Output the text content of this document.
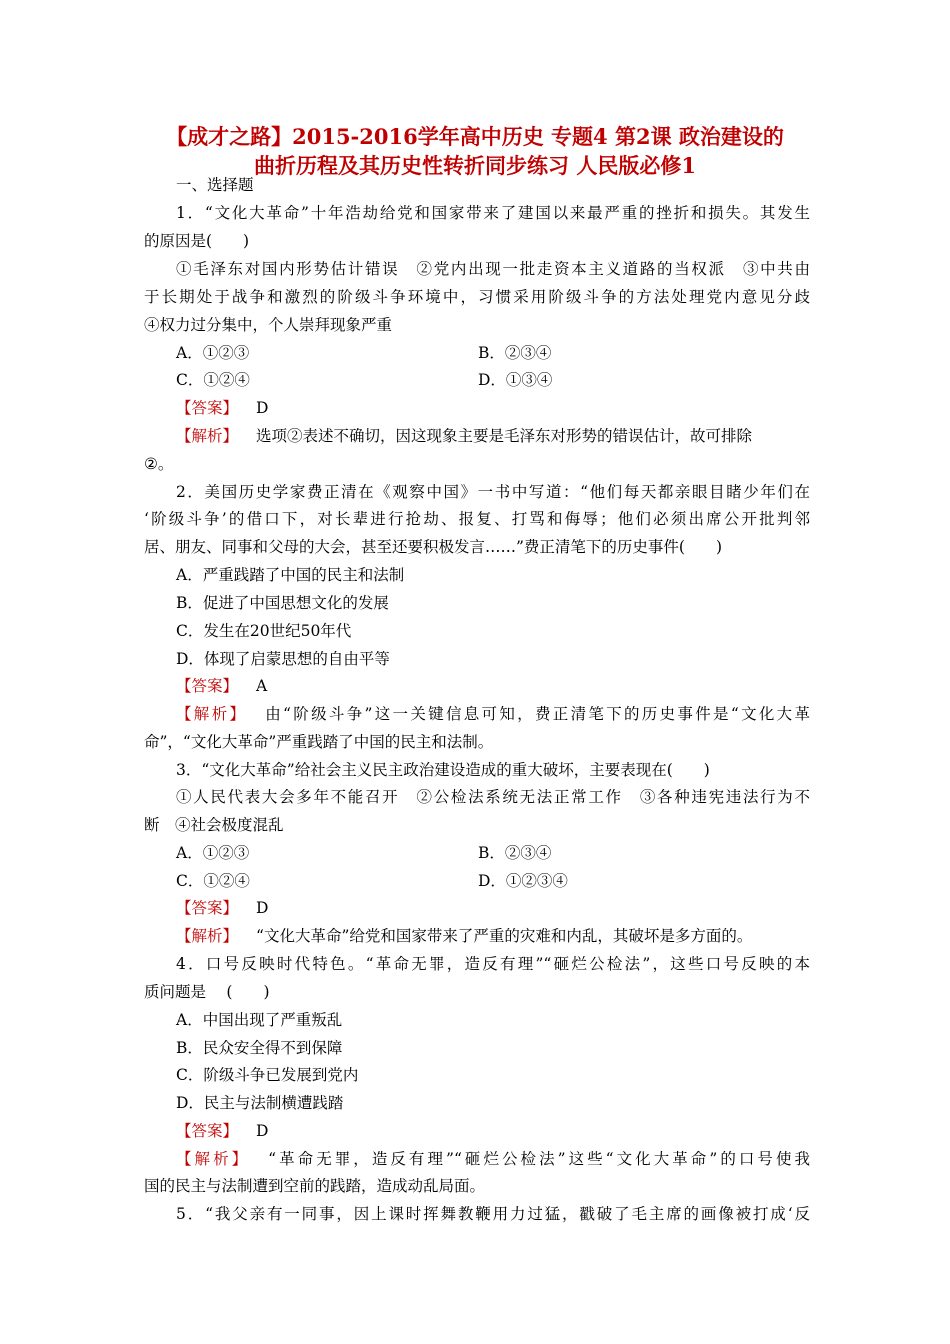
【成才之路】2015-2016学年高中历史 专题4 第2课 政治建设的
曲折历程及其历史性转折同步练习 人民版必修1
一、选择题
1．“文化大革命”十年浩劫给党和国家带来了建国以来最严重的挫折和损失。其发生
的原因是(　　)
①毛泽东对国内形势估计错误　②党内出现一批走资本主义道路的当权派　③中共由
于长期处于战争和激烈的阶级斗争环境中，习惯采用阶级斗争的方法处理党内意见分歧
④权力过分集中，个人崇拜现象严重
A．①②③	B．②③④
C．①②④	D．①③④
【答案】 D
【解析】 选项②表述不确切，因这现象主要是毛泽东对形势的错误估计，故可排除
②。
2．美国历史学家费正清在《观察中国》一书中写道：“他们每天都亲眼目睹少年们在
‘阶级斗争’的借口下，对长辈进行抢劫、报复、打骂和侮辱；他们必须出席公开批判邻
居、朋友、同事和父母的大会，甚至还要积极发言……”费正清笔下的历史事件(　　)
A．严重践踏了中国的民主和法制
B．促进了中国思想文化的发展
C．发生在20世纪50年代
D．体现了启蒙思想的自由平等
【答案】 A
【解析】 由“阶级斗争”这一关键信息可知，费正清笔下的历史事件是“文化大革
命”，“文化大革命”严重践踏了中国的民主和法制。
3．“文化大革命”给社会主义民主政治建设造成的重大破坏，主要表现在(　　)
①人民代表大会多年不能召开　②公检法系统无法正常工作　③各种违宪违法行为不
断　④社会极度混乱
A．①②③	B．②③④
C．①②④	D．①②③④
【答案】 D
【解析】 “文化大革命”给党和国家带来了严重的灾难和内乱，其破坏是多方面的。
4．口号反映时代特色。“革命无罪，造反有理”“砸烂公检法”，这些口号反映的本
质问题是　 (　　)
A．中国出现了严重叛乱
B．民众安全得不到保障
C．阶级斗争已发展到党内
D．民主与法制横遭践踏
【答案】 D
【解析】 “革命无罪，造反有理”“砸烂公检法”这些“文化大革命”的口号使我
国的民主与法制遭到空前的践踏，造成动乱局面。
5．“我父亲有一同事，因上课时挥舞教鞭用力过猛，戳破了毛主席的画像被打成‘反
